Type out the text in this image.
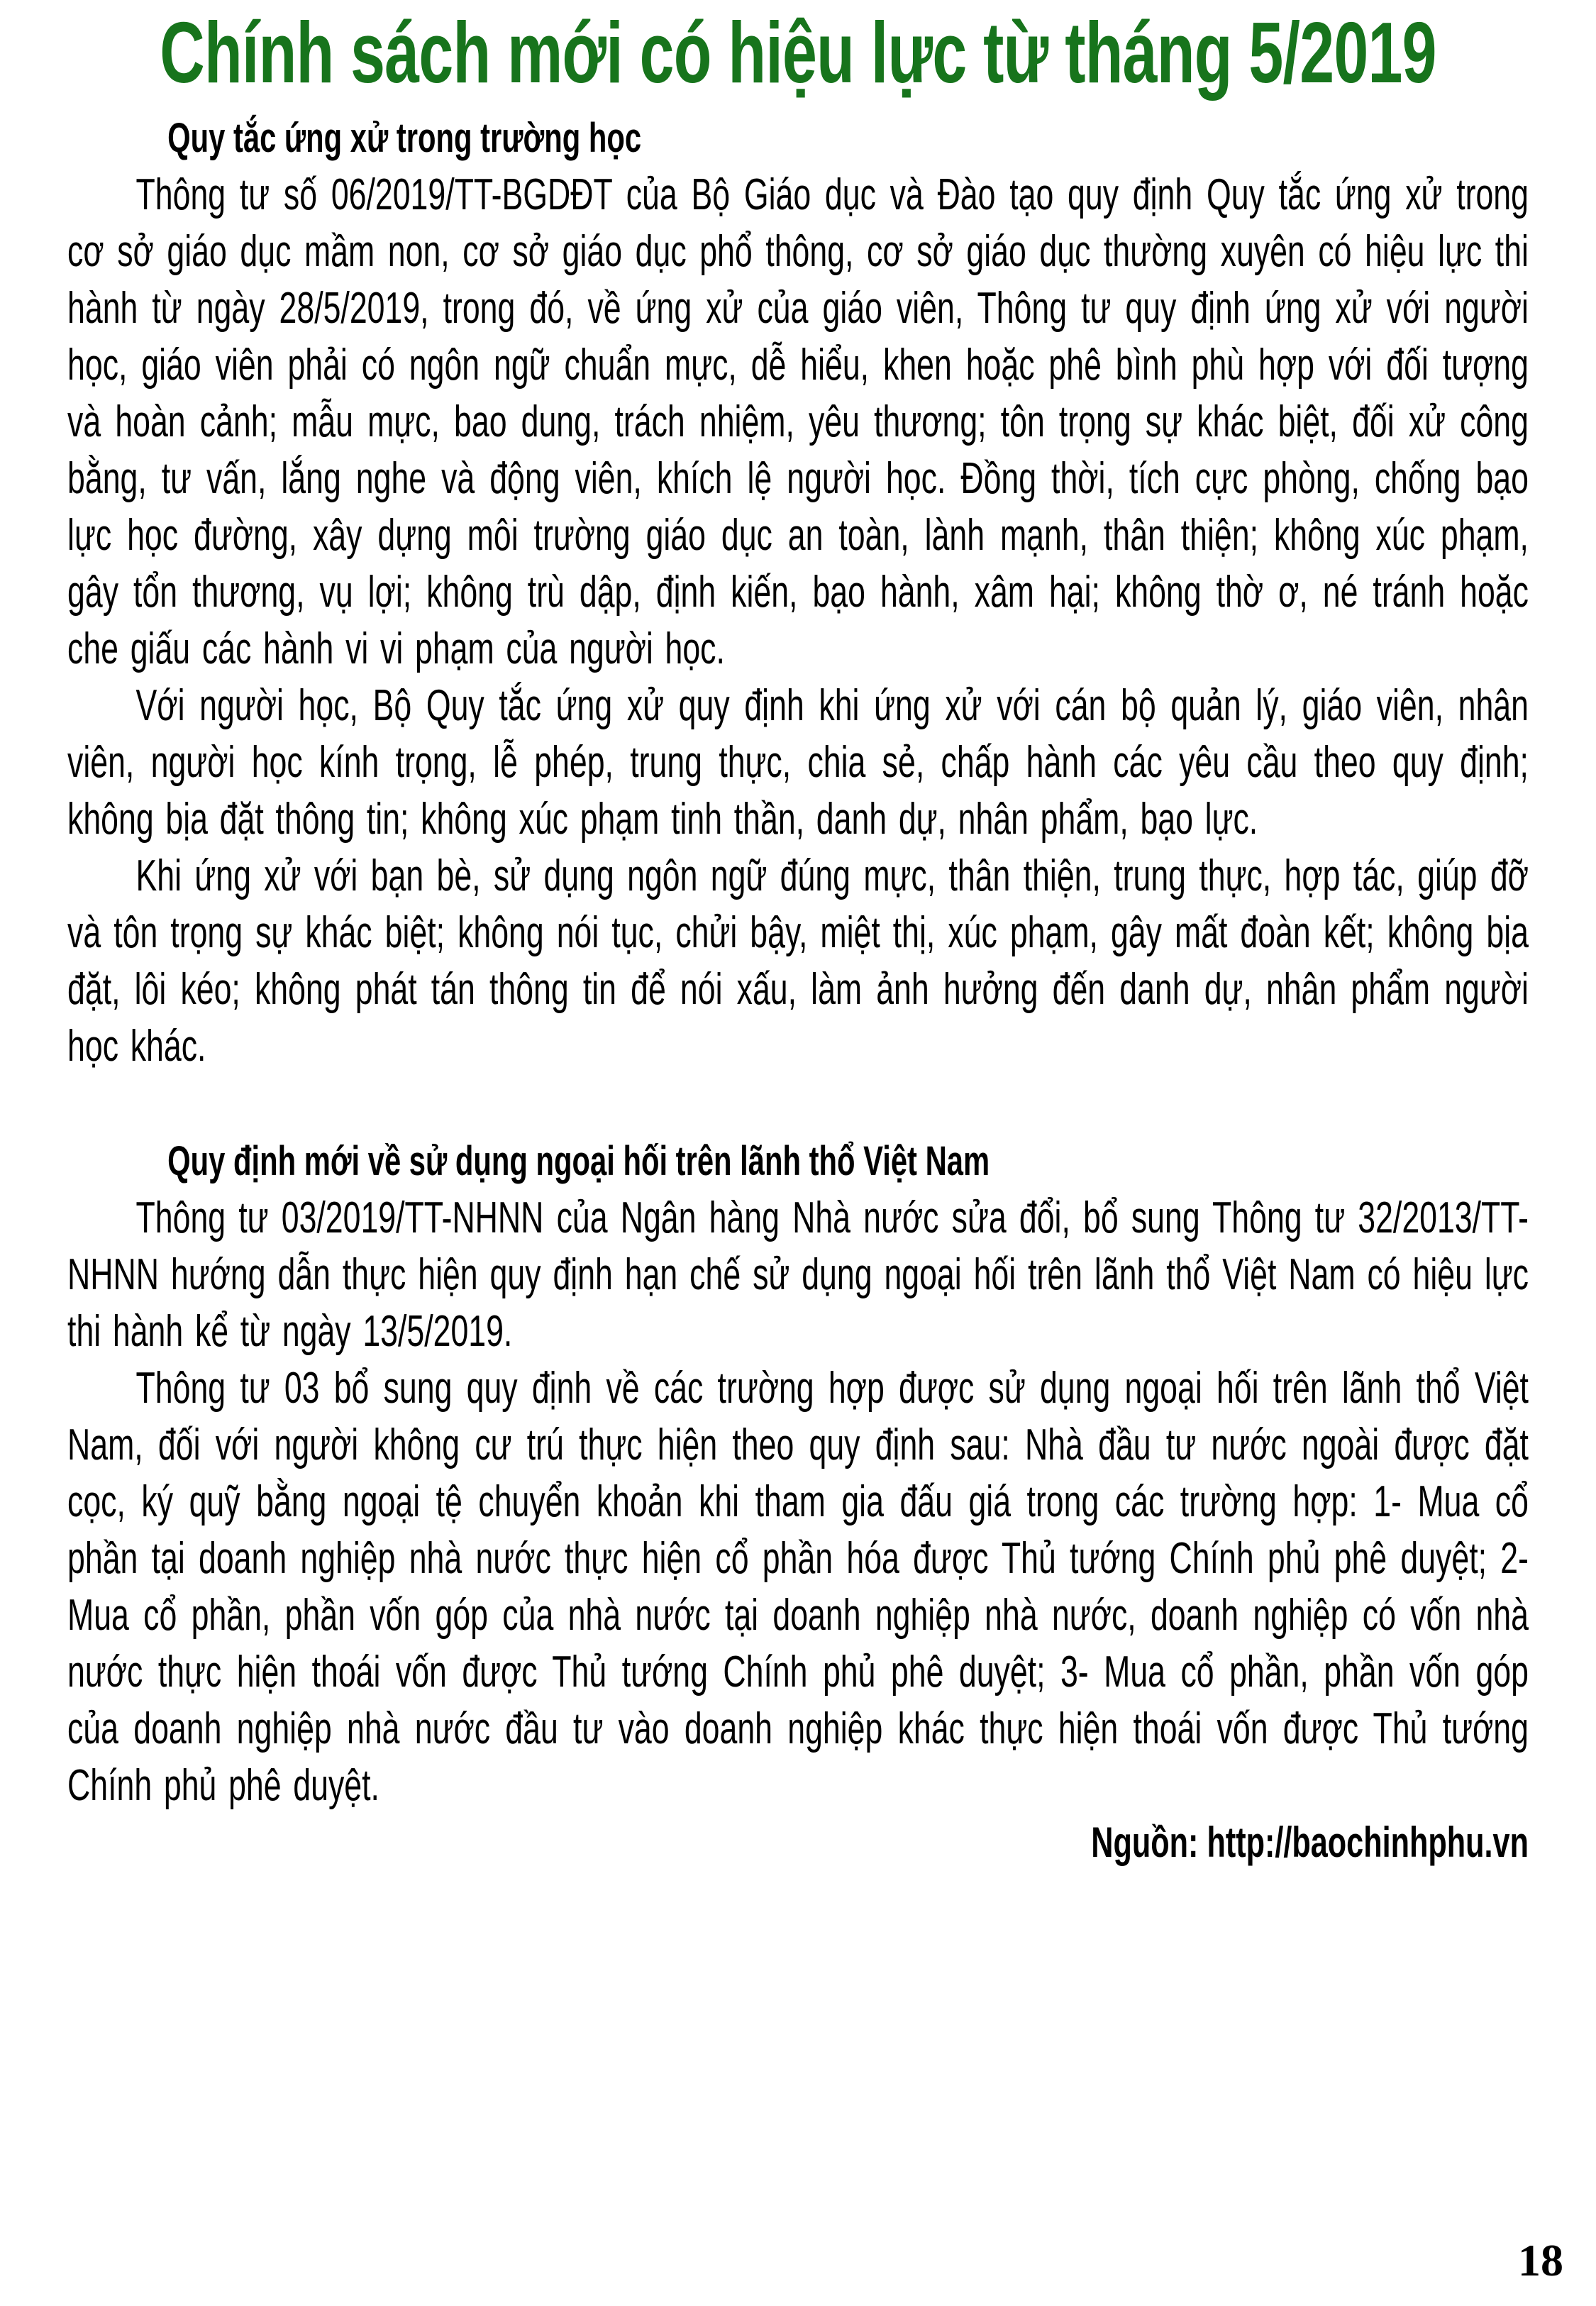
Chính sách mới có hiệu lực từ tháng 5/2019
Quy tắc ứng xử trong trường học

Thông tư số 06/2019/TT-BGDĐT của Bộ Giáo dục và Đào tạo quy định Quy tắc ứng xử trong cơ sở giáo dục mầm non, cơ sở giáo dục phổ thông, cơ sở giáo dục thường xuyên có hiệu lực thi hành từ ngày 28/5/2019, trong đó, về ứng xử của giáo viên, Thông tư quy định ứng xử với người học, giáo viên phải có ngôn ngữ chuẩn mực, dễ hiểu, khen hoặc phê bình phù hợp với đối tượng và hoàn cảnh; mẫu mực, bao dung, trách nhiệm, yêu thương; tôn trọng sự khác biệt, đối xử công bằng, tư vấn, lắng nghe và động viên, khích lệ người học. Đồng thời, tích cực phòng, chống bạo lực học đường, xây dựng môi trường giáo dục an toàn, lành mạnh, thân thiện; không xúc phạm, gây tổn thương, vụ lợi; không trù dập, định kiến, bạo hành, xâm hại; không thờ ơ, né tránh hoặc che giấu các hành vi vi phạm của người học.

Với người học, Bộ Quy tắc ứng xử quy định khi ứng xử với cán bộ quản lý, giáo viên, nhân viên, người học kính trọng, lễ phép, trung thực, chia sẻ, chấp hành các yêu cầu theo quy định; không bịa đặt thông tin; không xúc phạm tinh thần, danh dự, nhân phẩm, bạo lực.

Khi ứng xử với bạn bè, sử dụng ngôn ngữ đúng mực, thân thiện, trung thực, hợp tác, giúp đỡ và tôn trọng sự khác biệt; không nói tục, chửi bậy, miệt thị, xúc phạm, gây mất đoàn kết; không bịa đặt, lôi kéo; không phát tán thông tin để nói xấu, làm ảnh hưởng đến danh dự, nhân phẩm người học khác.

Quy định mới về sử dụng ngoại hối trên lãnh thổ Việt Nam

Thông tư 03/2019/TT-NHNN của Ngân hàng Nhà nước sửa đổi, bổ sung Thông tư 32/2013/TT-NHNN hướng dẫn thực hiện quy định hạn chế sử dụng ngoại hối trên lãnh thổ Việt Nam có hiệu lực thi hành kể từ ngày 13/5/2019.

Thông tư 03 bổ sung quy định về các trường hợp được sử dụng ngoại hối trên lãnh thổ Việt Nam, đối với người không cư trú thực hiện theo quy định sau: Nhà đầu tư nước ngoài được đặt cọc, ký quỹ bằng ngoại tệ chuyển khoản khi tham gia đấu giá trong các trường hợp: 1- Mua cổ phần tại doanh nghiệp nhà nước thực hiện cổ phần hóa được Thủ tướng Chính phủ phê duyệt; 2- Mua cổ phần, phần vốn góp của nhà nước tại doanh nghiệp nhà nước, doanh nghiệp có vốn nhà nước thực hiện thoái vốn được Thủ tướng Chính phủ phê duyệt; 3- Mua cổ phần, phần vốn góp của doanh nghiệp nhà nước đầu tư vào doanh nghiệp khác thực hiện thoái vốn được Thủ tướng Chính phủ phê duyệt.

Nguồn: http://baochinhphu.vn

18
